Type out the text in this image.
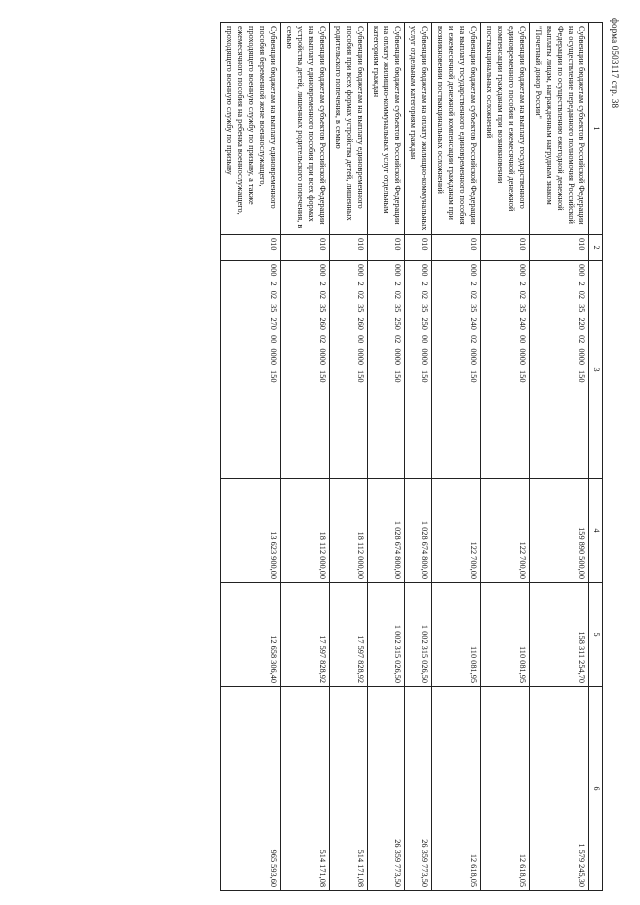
форма 0503117 стр. 38
1	2	3	4	5	6
Субвенции бюджетам субъектов Российской Федерации на осуществление переданного полномочия Российской Федерации по осуществлению ежегодной денежной выплаты лицам, награжденным нагрудным знаком "Почетный донор России"	010	000 2 02 35 220 02 0000 150	159 890 500,00	158 311 254,70	1 579 245,30
Субвенции бюджетам на выплату государственного единовременного пособия и ежемесячной денежной компенсации гражданам при возникновении поствакцинальных осложнений	010	000 2 02 35 240 00 0000 150	122 700,00	110 081,95	12 618,05
Субвенции бюджетам субъектов Российской Федерации на выплату государственного единовременного пособия и ежемесячной денежной компенсации гражданам при возникновении поствакцинальных осложнений	010	000 2 02 35 240 02 0000 150	122 700,00	110 081,95	12 618,05
Субвенции бюджетам на оплату жилищно-коммунальных услуг отдельным категориям граждан	010	000 2 02 35 250 00 0000 150	1 028 674 800,00	1 002 315 026,50	26 359 773,50
Субвенции бюджетам субъектов Российской Федерации на оплату жилищно-коммунальных услуг отдельным категориям граждан	010	000 2 02 35 250 02 0000 150	1 028 674 800,00	1 002 315 026,50	26 359 773,50
Субвенции бюджетам на выплату единовременного пособия при всех формах устройства детей, лишенных родительского попечения, в семью	010	000 2 02 35 260 00 0000 150	18 112 000,00	17 597 828,92	514 171,08
Субвенции бюджетам субъектов Российской Федерации на выплату единовременного пособия при всех формах устройства детей, лишенных родительского попечения, в семью	010	000 2 02 35 260 02 0000 150	18 112 000,00	17 597 828,92	514 171,08
Субвенции бюджетам на выплату единовременного пособия беременной жене военнослужащего, проходящего военную службу по призыву, а также ежемесячного пособия на ребенка военнослужащего, проходящего военную службу по призыву	010	000 2 02 35 270 00 0000 150	13 623 900,00	12 658 306,40	965 593,60
